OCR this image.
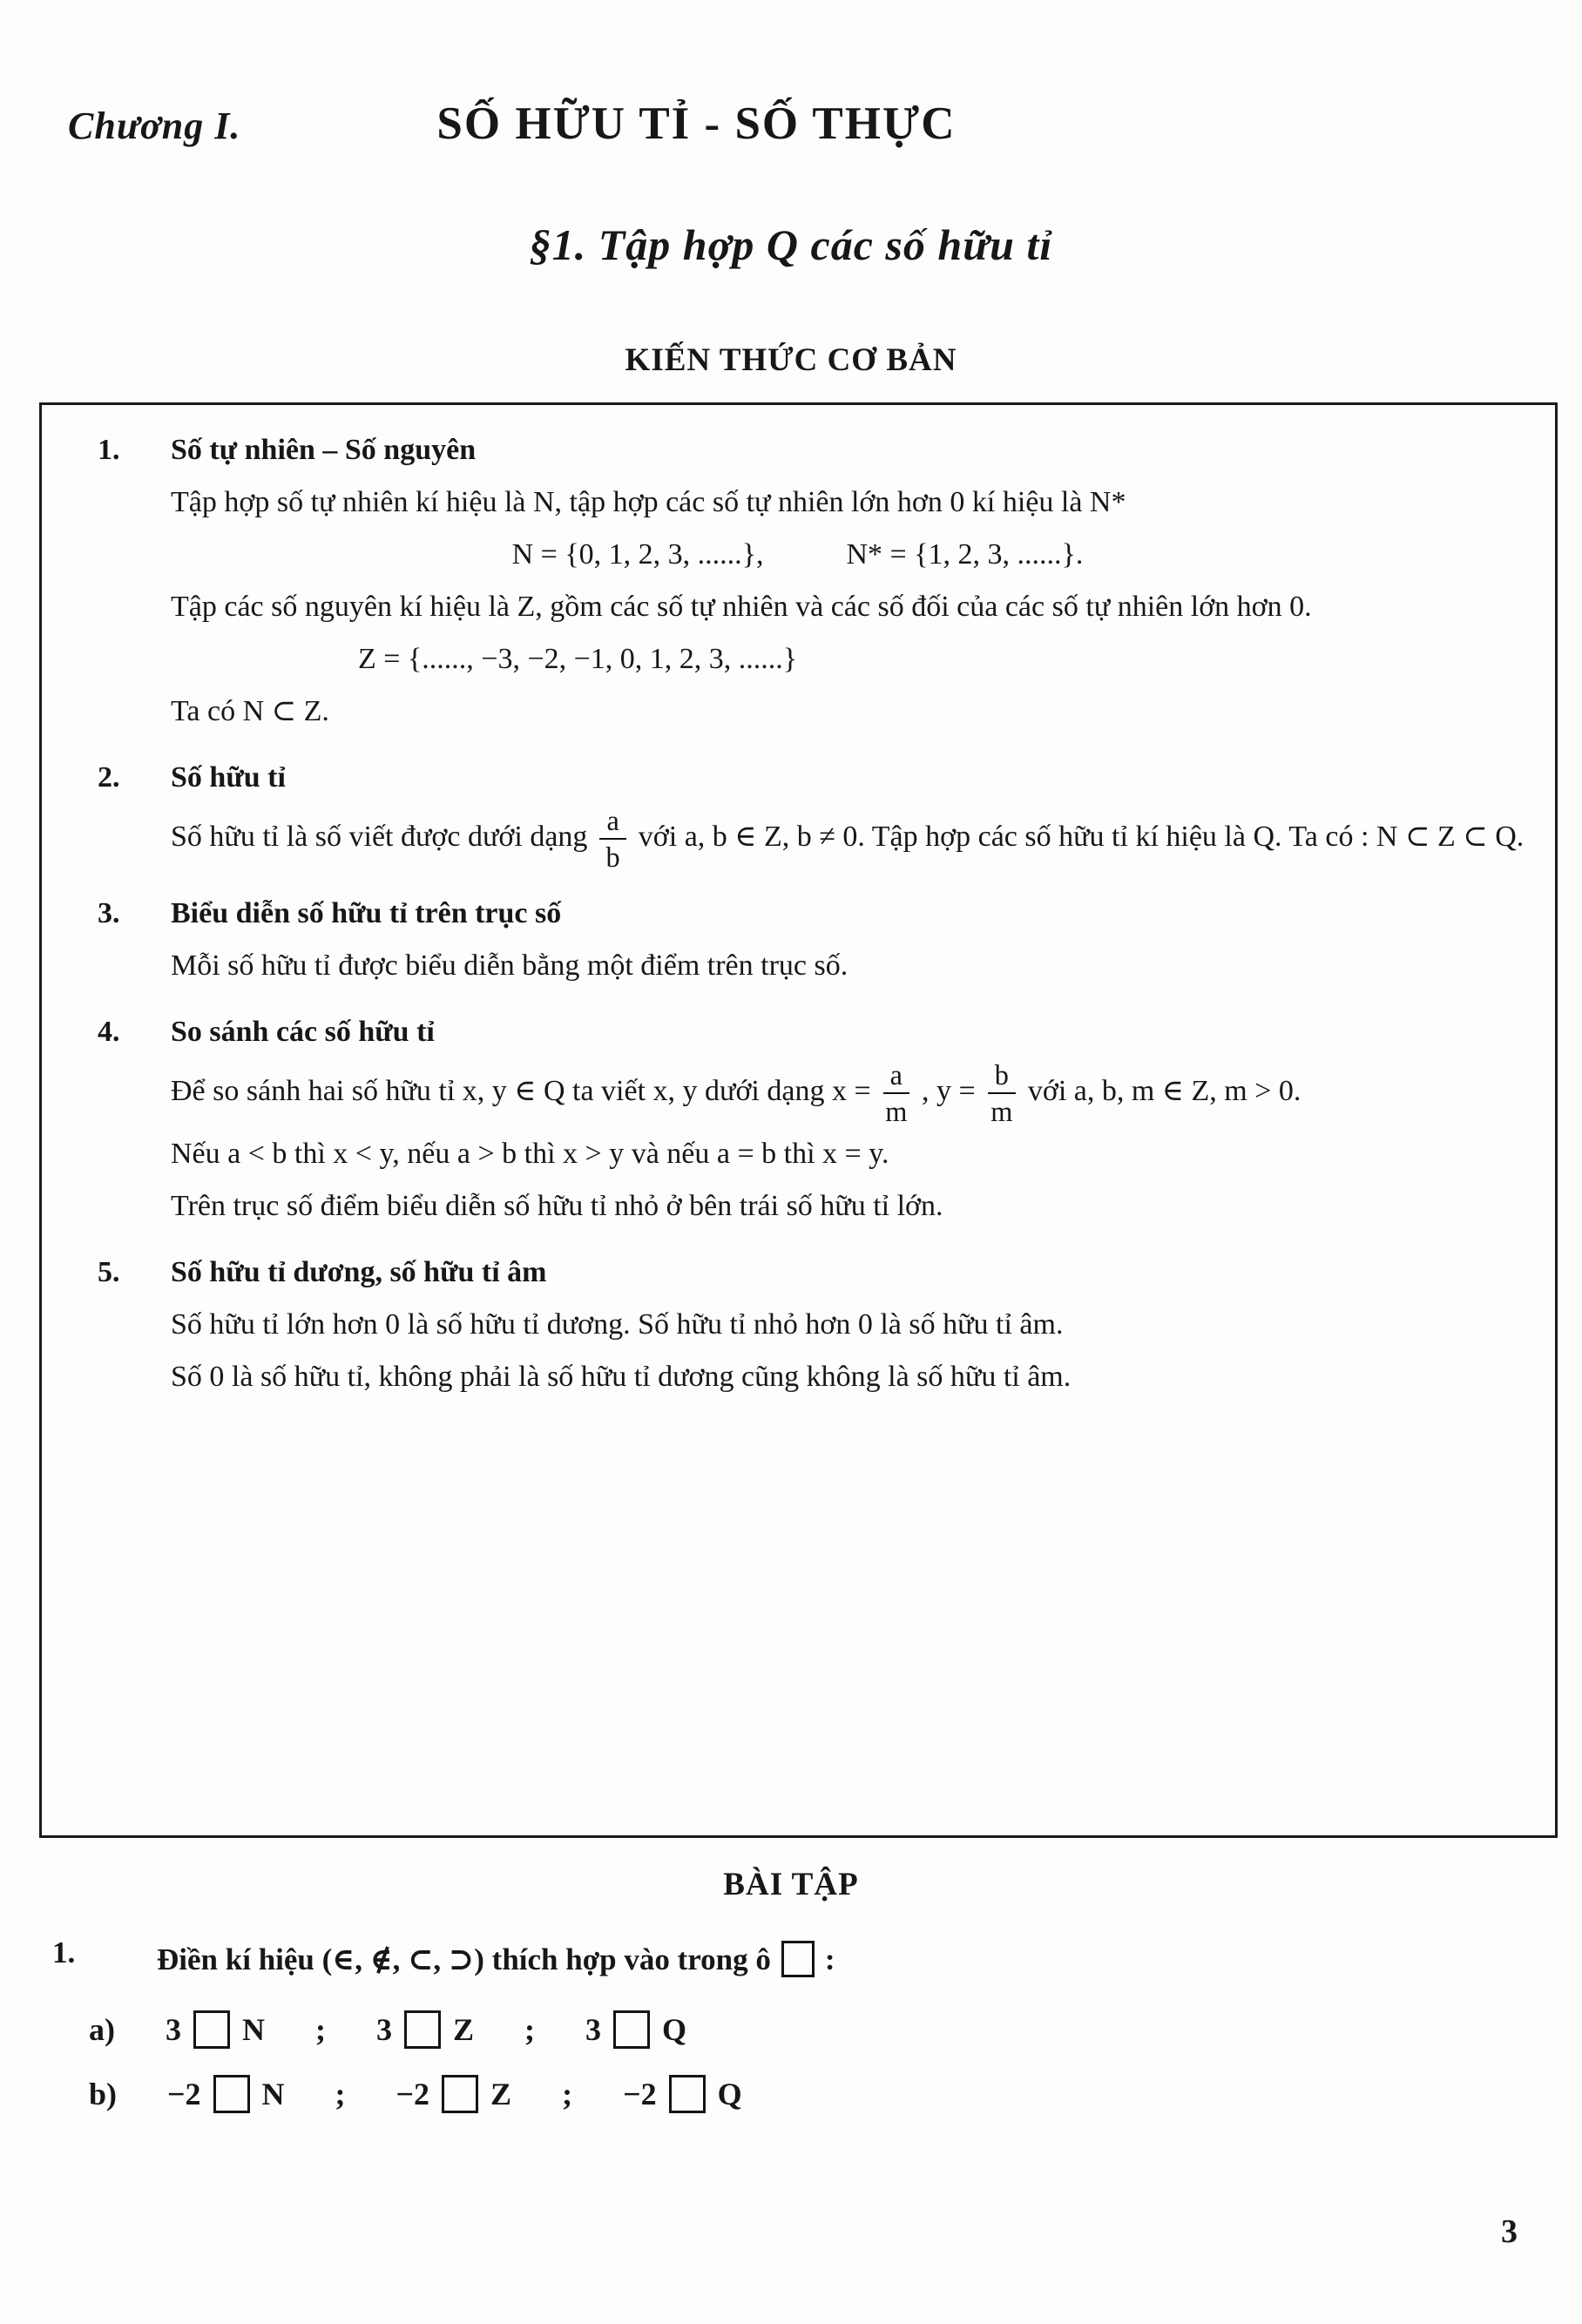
Chương I.	SỐ HỮU TỈ - SỐ THỰC
§1. Tập hợp Q các số hữu tỉ
KIẾN THỨC CƠ BẢN
1. Số tự nhiên – Số nguyên

Tập hợp số tự nhiên kí hiệu là N, tập hợp các số tự nhiên lớn hơn 0 kí hiệu là N*

N = {0, 1, 2, 3, ......},	N* = {1, 2, 3, ......}.

Tập các số nguyên kí hiệu là Z, gồm các số tự nhiên và các số đối của các số tự nhiên lớn hơn 0.

Z = {......, −3, −2, −1, 0, 1, 2, 3, ......}

Ta có N ⊂ Z.

2. Số hữu tỉ

Số hữu tỉ là số viết được dưới dạng $\frac{a}{b}$ với a, b ∈ Z, b ≠ 0. Tập hợp các số hữu tỉ kí hiệu là Q. Ta có : N ⊂ Z ⊂ Q.

3. Biểu diễn số hữu tỉ trên trục số

Mỗi số hữu tỉ được biểu diễn bằng một điểm trên trục số.

4. So sánh các số hữu tỉ

Để so sánh hai số hữu tỉ x, y ∈ Q ta viết x, y dưới dạng $x = \frac{a}{m}$ , $y = \frac{b}{m}$ với a, b, m ∈ Z, m > 0.

Nếu a < b thì x < y, nếu a > b thì x > y và nếu a = b thì x = y.

Trên trục số điểm biểu diễn số hữu tỉ nhỏ ở bên trái số hữu tỉ lớn.

5. Số hữu tỉ dương, số hữu tỉ âm

Số hữu tỉ lớn hơn 0 là số hữu tỉ dương. Số hữu tỉ nhỏ hơn 0 là số hữu tỉ âm.

Số 0 là số hữu tỉ, không phải là số hữu tỉ dương cũng không là số hữu tỉ âm.

BÀI TẬP
1.	Điền kí hiệu (∈, ∉, ⊂, ⊃) thích hợp vào trong ô :
a) 3 N ; 3 Z ; 3 Q
b) −2 N ; −2 Z ; −2 Q
3
